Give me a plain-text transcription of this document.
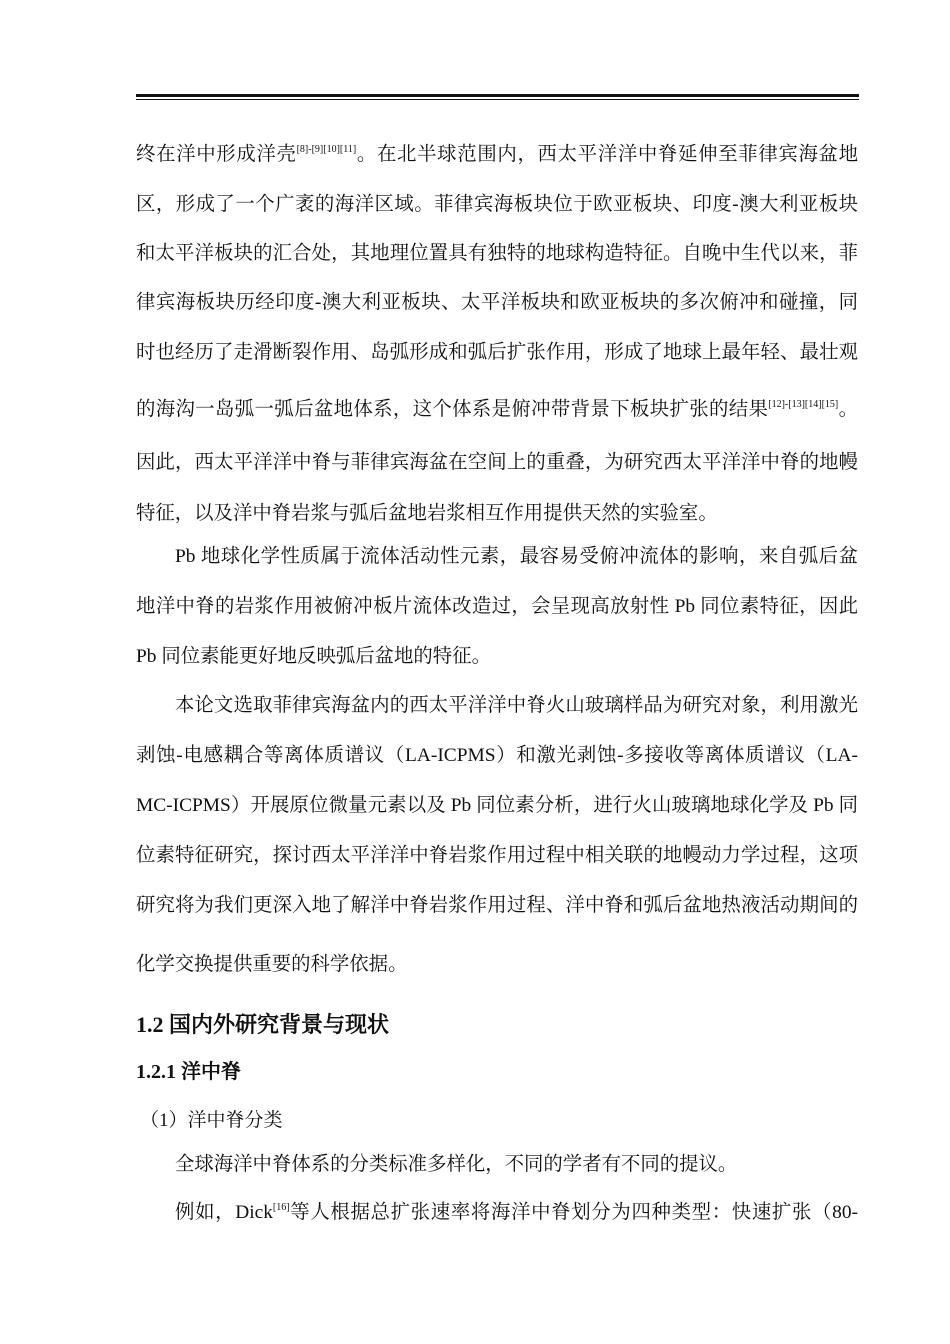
终在洋中形成洋壳[8]-[9][10][11]。在北半球范围内，西太平洋洋中脊延伸至菲律宾海盆地
区，形成了一个广袤的海洋区域。菲律宾海板块位于欧亚板块、印度-澳大利亚板块
和太平洋板块的汇合处，其地理位置具有独特的地球构造特征。自晚中生代以来，菲
律宾海板块历经印度-澳大利亚板块、太平洋板块和欧亚板块的多次俯冲和碰撞，同
时也经历了走滑断裂作用、岛弧形成和弧后扩张作用，形成了地球上最年轻、最壮观
的海沟一岛弧一弧后盆地体系，这个体系是俯冲带背景下板块扩张的结果[12]-[13][14][15]。
因此，西太平洋洋中脊与菲律宾海盆在空间上的重叠，为研究西太平洋洋中脊的地幔
特征，以及洋中脊岩浆与弧后盆地岩浆相互作用提供天然的实验室。
Pb 地球化学性质属于流体活动性元素，最容易受俯冲流体的影响，来自弧后盆
地洋中脊的岩浆作用被俯冲板片流体改造过，会呈现高放射性 Pb 同位素特征，因此
Pb 同位素能更好地反映弧后盆地的特征。
本论文选取菲律宾海盆内的西太平洋洋中脊火山玻璃样品为研究对象，利用激光
剥蚀-电感耦合等离体质谱议（LA-ICPMS）和激光剥蚀-多接收等离体质谱议（LA-
MC-ICPMS）开展原位微量元素以及 Pb 同位素分析，进行火山玻璃地球化学及 Pb 同
位素特征研究，探讨西太平洋洋中脊岩浆作用过程中相关联的地幔动力学过程，这项
研究将为我们更深入地了解洋中脊岩浆作用过程、洋中脊和弧后盆地热液活动期间的
化学交换提供重要的科学依据。
全球海洋中脊体系的分类标准多样化，不同的学者有不同的提议。
例如，Dick[16]等人根据总扩张速率将海洋中脊划分为四种类型：快速扩张（80-
1.2 国内外研究背景与现状
1.2.1 洋中脊
（1）洋中脊分类
